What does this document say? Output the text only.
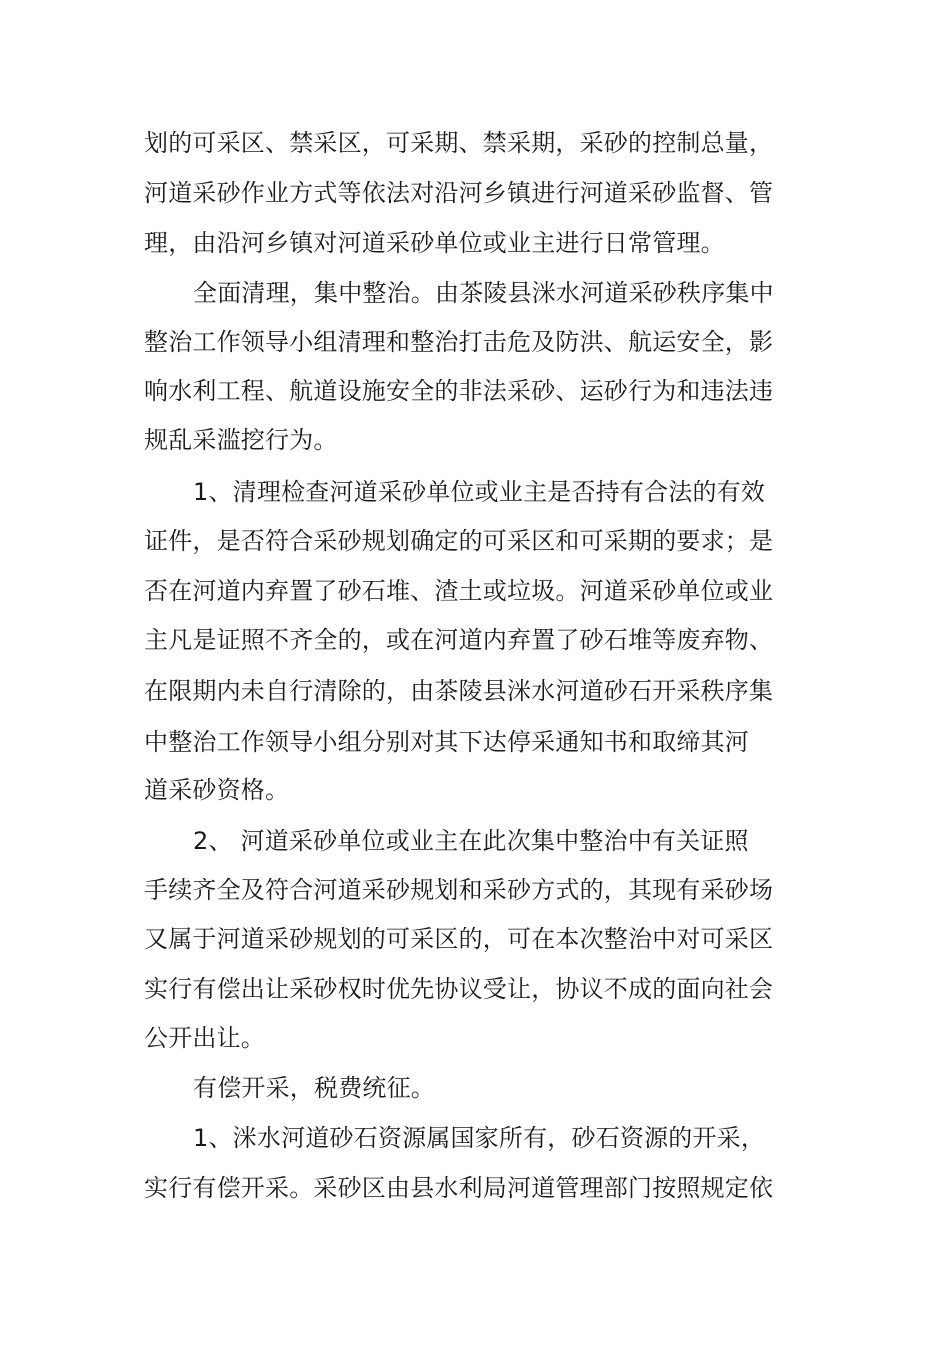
划的可采区、禁采区，可采期、禁采期，采砂的控制总量，
河道采砂作业方式等依法对沿河乡镇进行河道采砂监督、管
理，由沿河乡镇对河道采砂单位或业主进行日常管理。
全面清理，集中整治。由茶陵县洣水河道采砂秩序集中
整治工作领导小组清理和整治打击危及防洪、航运安全，影
响水利工程、航道设施安全的非法采砂、运砂行为和违法违
规乱采滥挖行为。
1、清理检查河道采砂单位或业主是否持有合法的有效
证件，是否符合采砂规划确定的可采区和可采期的要求；是
否在河道内弃置了砂石堆、渣土或垃圾。河道采砂单位或业
主凡是证照不齐全的，或在河道内弃置了砂石堆等废弃物、
在限期内未自行清除的，由茶陵县洣水河道砂石开采秩序集
中整治工作领导小组分别对其下达停采通知书和取缔其河
道采砂资格。
2、 河道采砂单位或业主在此次集中整治中有关证照
手续齐全及符合河道采砂规划和采砂方式的，其现有采砂场
又属于河道采砂规划的可采区的，可在本次整治中对可采区
实行有偿出让采砂权时优先协议受让，协议不成的面向社会
公开出让。
有偿开采，税费统征。
1、洣水河道砂石资源属国家所有，砂石资源的开采，
实行有偿开采。采砂区由县水利局河道管理部门按照规定依
